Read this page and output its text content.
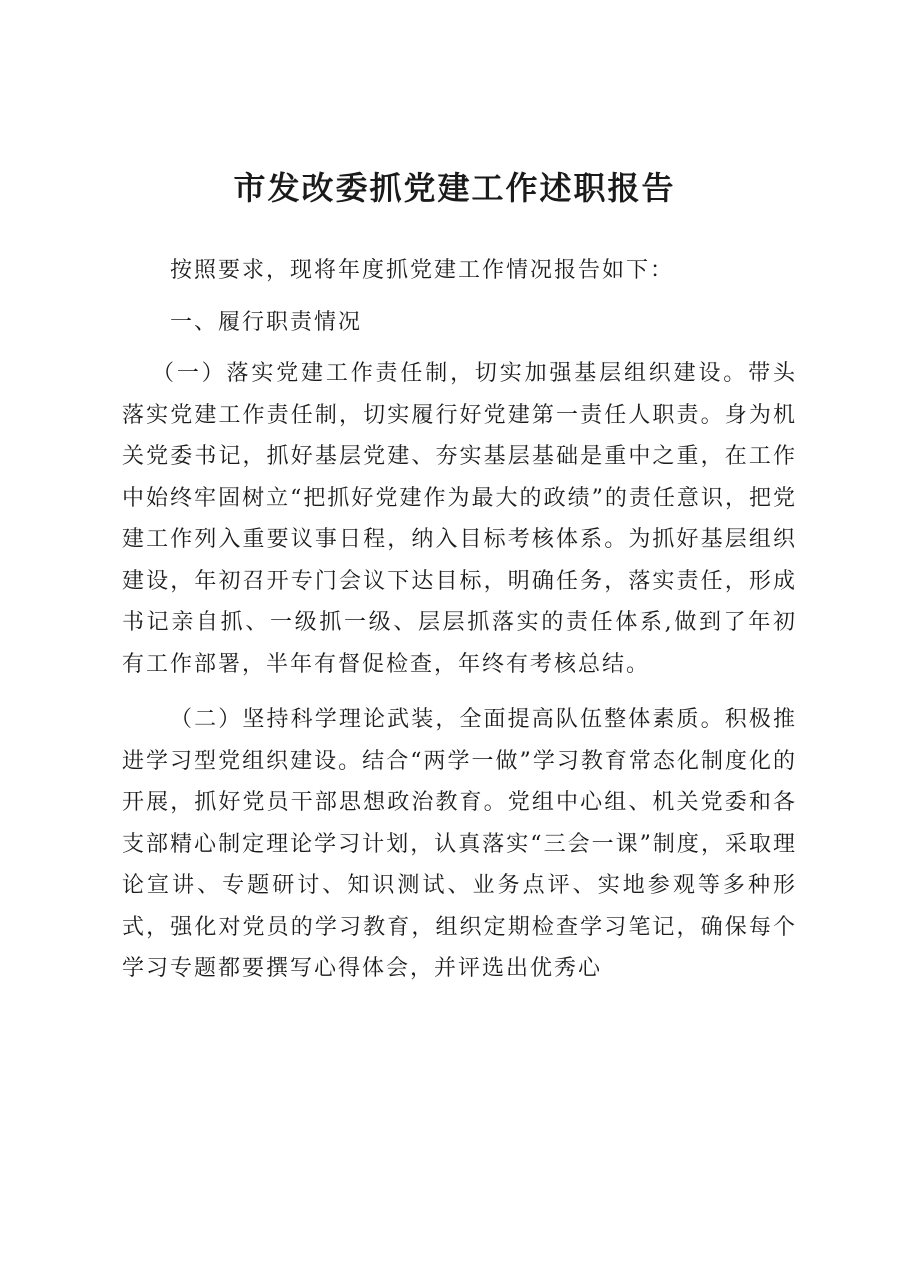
市发改委抓党建工作述职报告

按照要求，现将年度抓党建工作情况报告如下：

一、履行职责情况

（一）落实党建工作责任制，切实加强基层组织建设。带头落实党建工作责任制，切实履行好党建第一责任人职责。身为机关党委书记，抓好基层党建、夯实基层基础是重中之重，在工作中始终牢固树立“把抓好党建作为最大的政绩”的责任意识，把党建工作列入重要议事日程，纳入目标考核体系。为抓好基层组织建设，年初召开专门会议下达目标，明确任务，落实责任，形成书记亲自抓、一级抓一级、层层抓落实的责任体系,做到了年初有工作部署，半年有督促检查，年终有考核总结。

（二）坚持科学理论武装，全面提高队伍整体素质。积极推进学习型党组织建设。结合“两学一做”学习教育常态化制度化的开展，抓好党员干部思想政治教育。党组中心组、机关党委和各支部精心制定理论学习计划，认真落实“三会一课”制度，采取理论宣讲、专题研讨、知识测试、业务点评、实地参观等多种形式，强化对党员的学习教育，组织定期检查学习笔记，确保每个学习专题都要撰写心得体会，并评选出优秀心
